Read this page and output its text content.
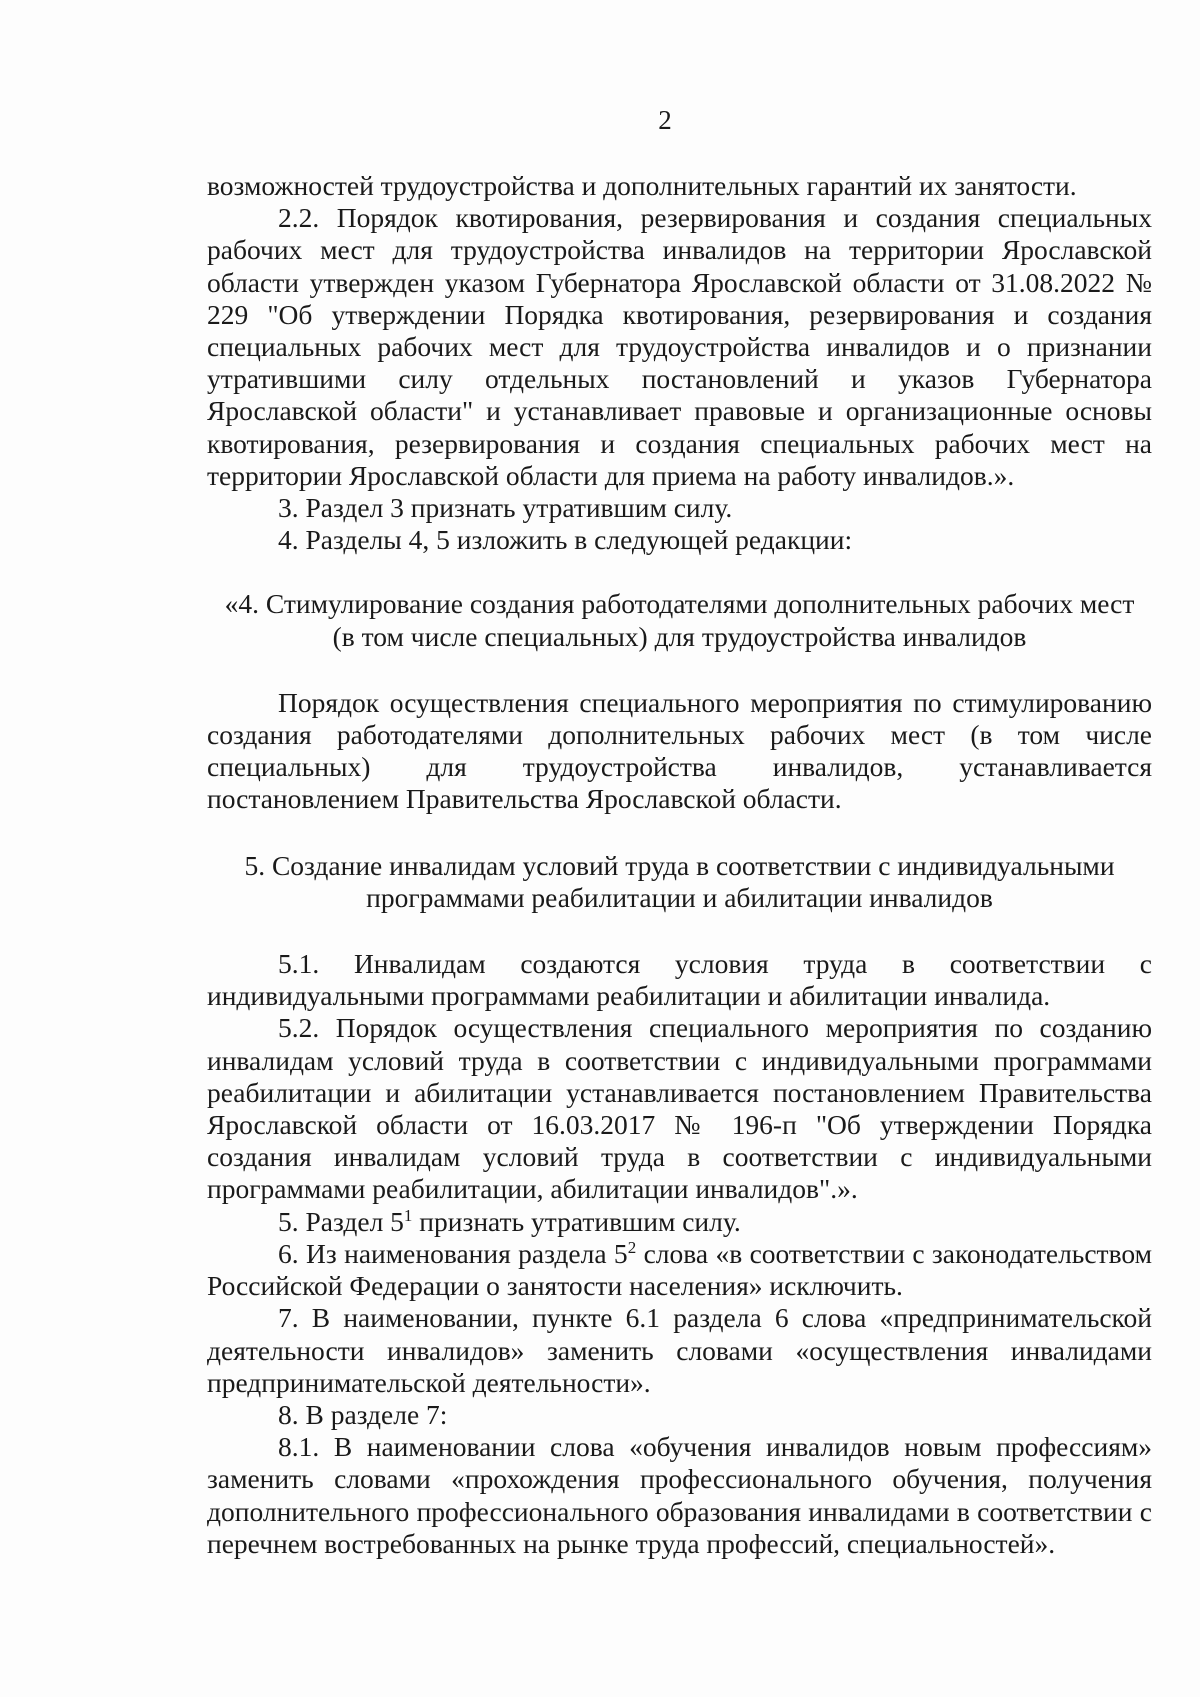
2

возможностей трудоустройства и дополнительных гарантий их занятости.

2.2. Порядок квотирования, резервирования и создания специальных рабочих мест для трудоустройства инвалидов на территории Ярославской области утвержден указом Губернатора Ярославской области от 31.08.2022 № 229 "Об утверждении Порядка квотирования, резервирования и создания специальных рабочих мест для трудоустройства инвалидов и о признании утратившими силу отдельных постановлений и указов Губернатора Ярославской области" и устанавливает правовые и организационные основы квотирования, резервирования и создания специальных рабочих мест на территории Ярославской области для приема на работу инвалидов.».

3. Раздел 3 признать утратившим силу.

4. Разделы 4, 5 изложить в следующей редакции:

«4. Стимулирование создания работодателями дополнительных рабочих мест

(в том числе специальных) для трудоустройства инвалидов

Порядок осуществления специального мероприятия по стимулированию создания работодателями дополнительных рабочих мест (в том числе специальных) для трудоустройства инвалидов, устанавливается постановлением Правительства Ярославской области.

5. Создание инвалидам условий труда в соответствии с индивидуальными

программами реабилитации и абилитации инвалидов

5.1. Инвалидам создаются условия труда в соответствии с индивидуальными программами реабилитации и абилитации инвалида.

5.2. Порядок осуществления специального мероприятия по созданию инвалидам условий труда в соответствии с индивидуальными программами реабилитации и абилитации устанавливается постановлением Правительства Ярославской области от 16.03.2017 № 196-п "Об утверждении Порядка создания инвалидам условий труда в соответствии с индивидуальными программами реабилитации, абилитации инвалидов".».

5. Раздел $5^1$ признать утратившим силу.

6. Из наименования раздела $5^2$ слова «в соответствии с законодательством Российской Федерации о занятости населения» исключить.

7. В наименовании, пункте 6.1 раздела 6 слова «предпринимательской деятельности инвалидов» заменить словами «осуществления инвалидами предпринимательской деятельности».

8. В разделе 7:

8.1. В наименовании слова «обучения инвалидов новым профессиям» заменить словами «прохождения профессионального обучения, получения дополнительного профессионального образования инвалидами в соответствии с перечнем востребованных на рынке труда профессий, специальностей».
